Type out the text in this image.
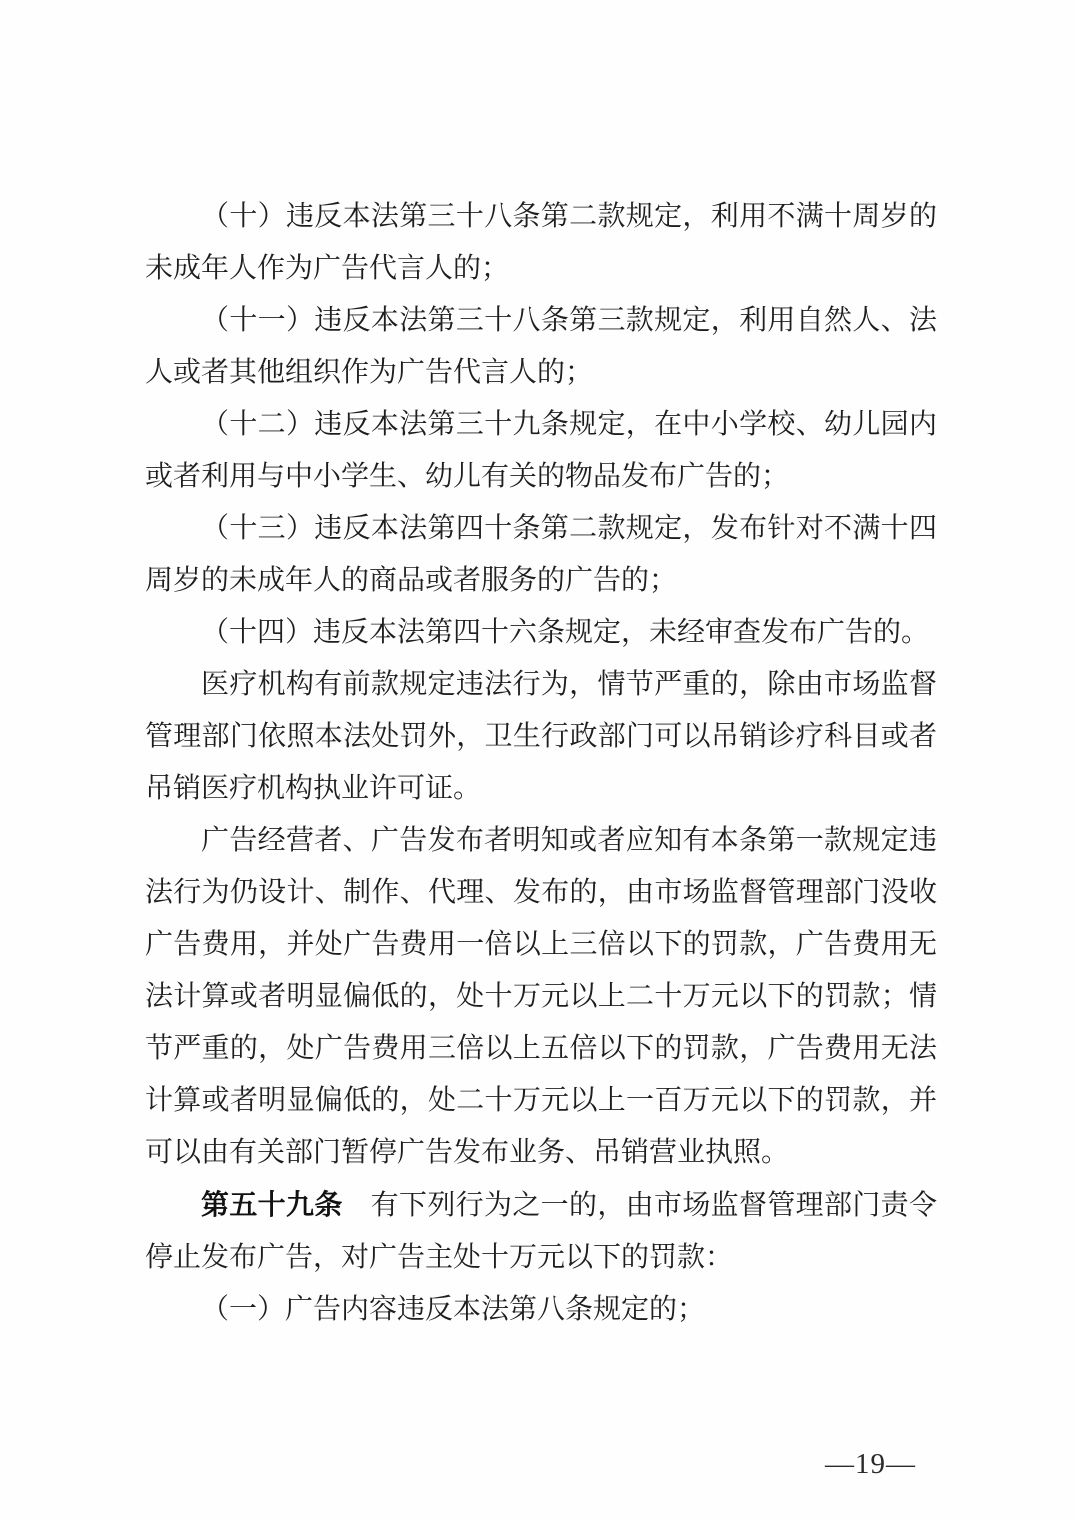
（十）违反本法第三十八条第二款规定，利用不满十周岁的未成年人作为广告代言人的；

（十一）违反本法第三十八条第三款规定，利用自然人、法人或者其他组织作为广告代言人的；

（十二）违反本法第三十九条规定，在中小学校、幼儿园内或者利用与中小学生、幼儿有关的物品发布广告的；

（十三）违反本法第四十条第二款规定，发布针对不满十四周岁的未成年人的商品或者服务的广告的；

（十四）违反本法第四十六条规定，未经审查发布广告的。

医疗机构有前款规定违法行为，情节严重的，除由市场监督管理部门依照本法处罚外，卫生行政部门可以吊销诊疗科目或者吊销医疗机构执业许可证。

广告经营者、广告发布者明知或者应知有本条第一款规定违法行为仍设计、制作、代理、发布的，由市场监督管理部门没收广告费用，并处广告费用一倍以上三倍以下的罚款，广告费用无法计算或者明显偏低的，处十万元以上二十万元以下的罚款；情节严重的，处广告费用三倍以上五倍以下的罚款，广告费用无法计算或者明显偏低的，处二十万元以上一百万元以下的罚款，并可以由有关部门暂停广告发布业务、吊销营业执照。

第五十九条 有下列行为之一的，由市场监督管理部门责令停止发布广告，对广告主处十万元以下的罚款：

（一）广告内容违反本法第八条规定的；

—19—
